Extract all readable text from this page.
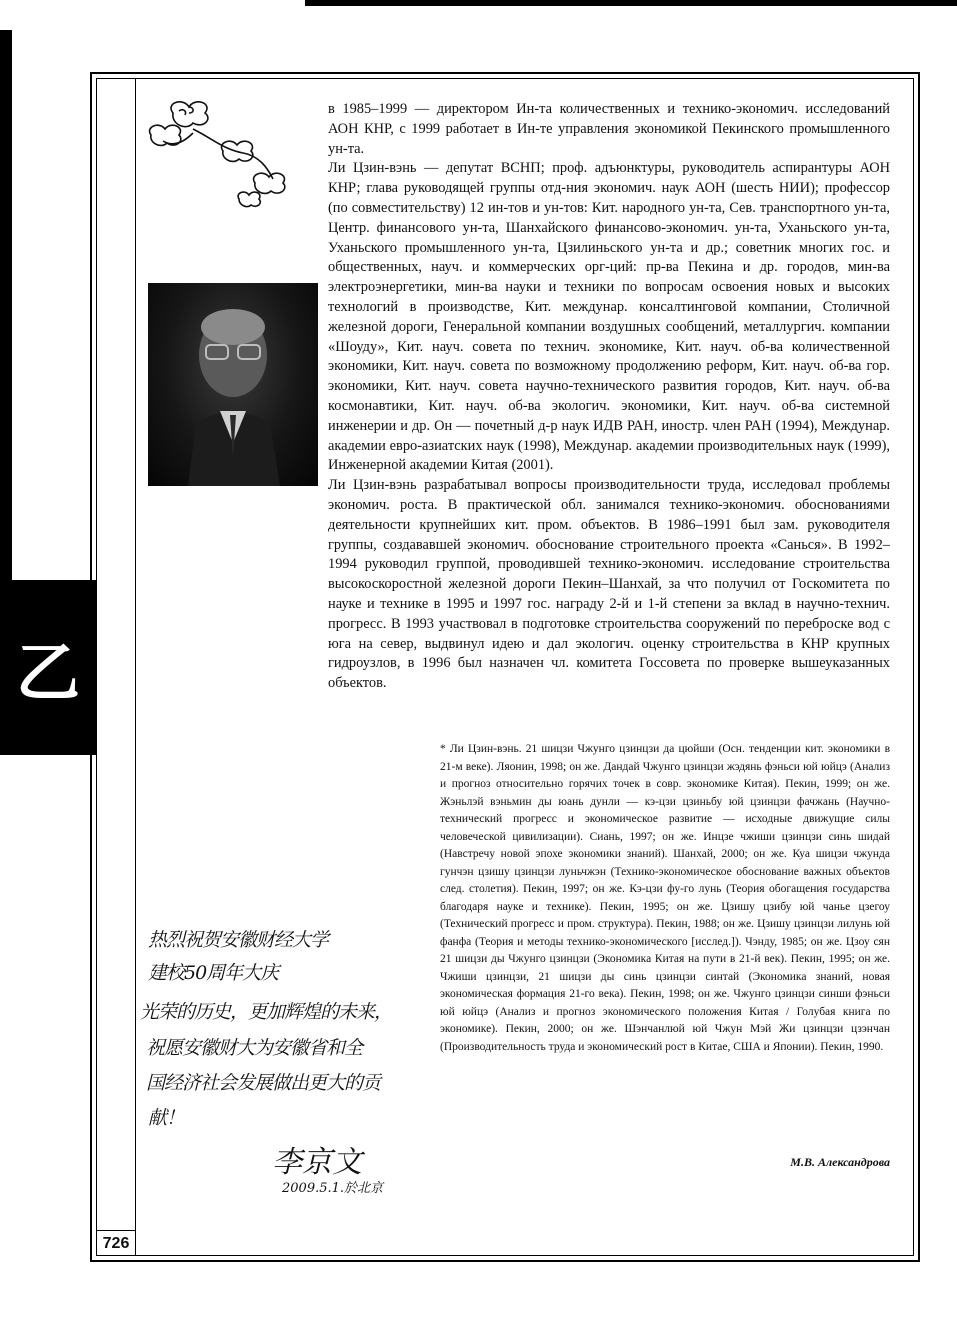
乙

в 1985–1999 — директором Ин-та количественных и технико-экономич. исследований АОН КНР, с 1999 работает в Ин-те управления экономикой Пекинского промышленного ун-та.

Ли Цзин-вэнь — депутат ВСНП; проф. адъюнктуры, руководитель аспирантуры АОН КНР; глава руководящей группы отд-ния экономич. наук АОН (шесть НИИ); профессор (по совместительству) 12 ин-тов и ун-тов: Кит. народного ун-та, Сев. транспортного ун-та, Центр. финансового ун-та, Шанхайского финансово-экономич. ун-та, Уханьского ун-та, Уханьского промышленного ун-та, Цзилиньского ун-та и др.; советник многих гос. и общественных, науч. и коммерческих орг-ций: пр-ва Пекина и др. городов, мин-ва электроэнергетики, мин-ва науки и техники по вопросам освоения новых и высоких технологий в производстве, Кит. междунар. консалтинговой компании, Столичной железной дороги, Генеральной компании воздушных сообщений, металлургич. компании «Шоуду», Кит. науч. совета по технич. экономике, Кит. науч. об-ва количественной экономики, Кит. науч. совета по возможному продолжению реформ, Кит. науч. об-ва гор. экономики, Кит. науч. совета научно-технического развития городов, Кит. науч. об-ва космонавтики, Кит. науч. об-ва экологич. экономики, Кит. науч. об-ва системной инженерии и др. Он — почетный д-р наук ИДВ РАН, иностр. член РАН (1994), Междунар. академии евро-азиатских наук (1998), Междунар. академии производительных наук (1999), Инженерной академии Китая (2001).

Ли Цзин-вэнь разрабатывал вопросы производительности труда, исследовал проблемы экономич. роста. В практической обл. занимался технико-экономич. обоснованиями деятельности крупнейших кит. пром. объектов. В 1986–1991 был зам. руководителя группы, создававшей экономич. обоснование строительного проекта «Санься». В 1992–1994 руководил группой, проводившей технико-экономич. исследование строительства высокоскоростной железной дороги Пекин–Шанхай, за что получил от Госкомитета по науке и технике в 1995 и 1997 гос. награду 2-й и 1-й степени за вклад в научно-технич. прогресс. В 1993 участвовал в подготовке строительства сооружений по переброске вод с юга на север, выдвинул идею и дал экологич. оценку строительства в КНР крупных гидроузлов, в 1996 был назначен чл. комитета Госсовета по проверке вышеуказанных объектов.

* Ли Цзин-вэнь. 21 шицзи Чжунго цзинцзи да цюйши (Осн. тенденции кит. экономики в 21-м веке). Ляонин, 1998; он же. Дандай Чжунго цзинцзи жэдянь фэньси юй юйцэ (Анализ и прогноз относительно горячих точек в совр. экономике Китая). Пекин, 1999; он же. Жэньлэй вэньмин ды юань дунли — кэ-цзи цзиньбу юй цзинцзи фачжань (Научно-технический прогресс и экономическое развитие — исходные движущие силы человеческой цивилизации). Сиань, 1997; он же. Инцзе чжиши цзинцзи синь шидай (Навстречу новой эпохе экономики знаний). Шанхай, 2000; он же. Куа шицзи чжунда гунчэн цзишу цзинцзи луньчжэн (Технико-экономическое обоснование важных объектов след. столетия). Пекин, 1997; он же. Кэ-цзи фу-го лунь (Теория обогащения государства благодаря науке и технике). Пекин, 1995; он же. Цзишу цзибу юй чанье цзегоу (Технический прогресс и пром. структура). Пекин, 1988; он же. Цзишу цзинцзи лилунь юй фанфа (Теория и методы технико-экономического [исслед.]). Чэнду, 1985; он же. Цзоу сян 21 шицзи ды Чжунго цзинцзи (Экономика Китая на пути в 21-й век). Пекин, 1995; он же. Чжиши цзинцзи, 21 шицзи ды синь цзинцзи синтай (Экономика знаний, новая экономическая формация 21-го века). Пекин, 1998; он же. Чжунго цзинцзи синши фэньси юй юйцэ (Анализ и прогноз экономического положения Китая / Голубая книга по экономике). Пекин, 2000; он же. Шэнчанлюй юй Чжун Мэй Жи цзинцзи цзэнчан (Производительность труда и экономический рост в Китае, США и Японии). Пекин, 1990.

М.В. Александрова
热烈祝贺安徽财经大学
建校50周年大庆
光荣的历史，更加辉煌的未来，
祝愿安徽财大为安徽省和全
国经济社会发展做出更大的贡
献！
李京文
2009.5.1.於北京
726
